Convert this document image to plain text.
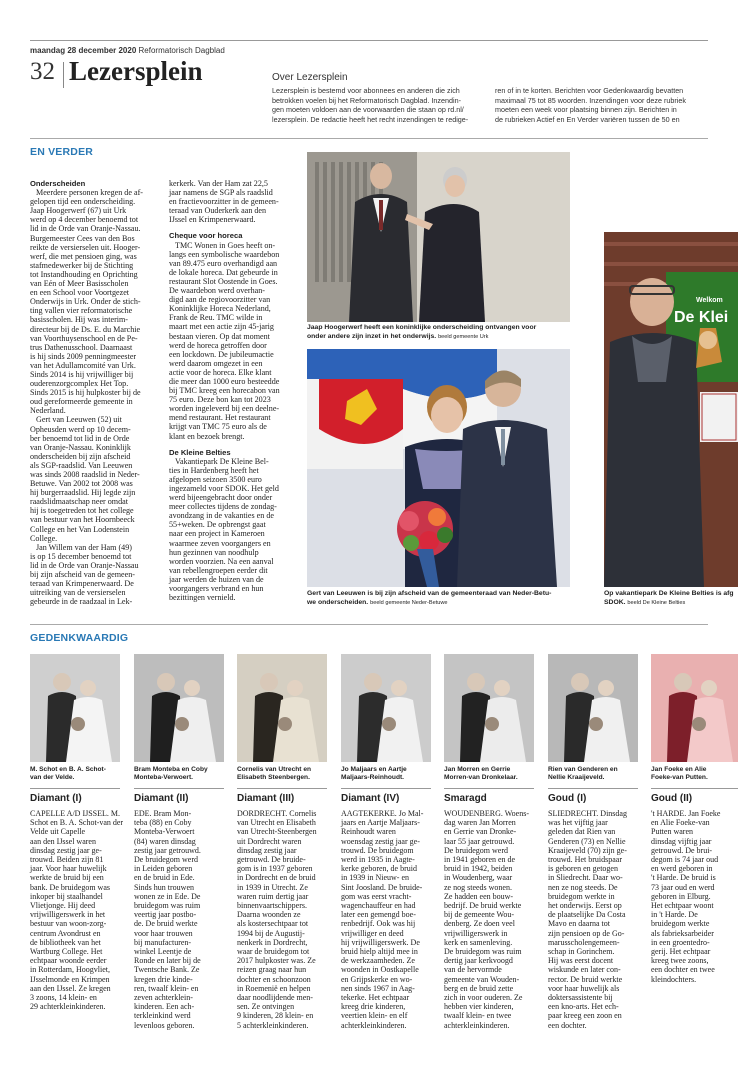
maandag 28 december 2020 Reformatorisch Dagblad
32 Lezersplein	Over Lezersplein
Lezersplein is bestemd voor abonnees en anderen die zich
betrokken voelen bij het Reformatorisch Dagblad. Inzendin-
gen moeten voldoen aan de voorwaarden die staan op rd.nl/
lezersplein. De redactie heeft het recht inzendingen te redige-
ren of in te korten. Berichten voor Gedenkwaardig bevatten
maximaal 75 tot 85 woorden. Inzendingen voor deze rubriek
moeten een week voor plaatsing binnen zijn. Berichten in
de rubrieken Actief en En Verder variëren tussen de 50 en
EN VERDER
Onderscheiden
Meerdere personen kregen de af-
gelopen tijd een onderscheiding.
Jaap Hoogerwerf (67) uit Urk
werd op 4 december benoemd tot
lid in de Orde van Oranje-Nassau.
Burgemeester Cees van den Bos
reikte de versierselen uit. Hooger-
werf, die met pensioen ging, was
stafmedewerker bij de Stichting
tot Instandhouding en Oprichting
van Eén of Meer Basisscholen
en een School voor Voortgezet
Onderwijs in Urk. Onder de stich-
ting vallen vier reformatorische
basisscholen. Hij was interim-
directeur bij de Ds. E. du Marchie
van Voorthuysenschool en de Pe-
trus Dathenusschool. Daarnaast
is hij sinds 2009 penningmeester
van het Adullamcomité van Urk.
Sinds 2014 is hij vrijwilliger bij
ouderenzorgcomplex Het Top.
Sinds 2015 is hij hulpkoster bij de
oud gereformeerde gemeente in
Nederland.
Gert van Leeuwen (52) uit
Opheusden werd op 10 decem-
ber benoemd tot lid in de Orde
van Oranje-Nassau. Koninklijk
onderscheiden bij zijn afscheid
als SGP-raadslid. Van Leeuwen
was sinds 2008 raadslid in Neder-
Betuwe. Van 2002 tot 2008 was
hij burgerraadslid. Hij legde zijn
raadslidmaatschap neer omdat
hij is toegetreden tot het college
van bestuur van het Hoornbeeck
College en het Van Lodenstein
College.
Jan Willem van der Ham (49)
is op 15 december benoemd tot
lid in de Orde van Oranje-Nassau
bij zijn afscheid van de gemeen-
teraad van Krimpenerwaard. De
uitreiking van de versierselen
gebeurde in de raadzaal in Lek-
kerkerk. Van der Ham zat 22,5
jaar namens de SGP als raadslid
en fractievoorzitter in de gemeen-
teraad van Ouderkerk aan den
IJssel en Krimpenerwaard.
Cheque voor horeca
TMC Wonen in Goes heeft on-
langs een symbolische waardebon
van 89.475 euro overhandigd aan
de lokale horeca. Dat gebeurde in
restaurant Slot Oostende in Goes.
De waardebon werd overhan-
digd aan de regiovoorzitter van
Koninklijke Horeca Nederland,
Frank de Reu. TMC wilde in
maart met een actie zijn 45-jarig
bestaan vieren. Op dat moment
werd de horeca getroffen door
een lockdown. De jubileumactie
werd daarom omgezet in een
actie voor de horeca. Elke klant
die meer dan 1000 euro besteedde
bij TMC kreeg een horecabon van
75 euro. Deze bon kan tot 2023
worden ingeleverd bij een deelne-
mend restaurant. Het restaurant
krijgt van TMC 75 euro als de
klant en bezoek brengt.
De Kleine Belties
Vakantiepark De Kleine Bel-
ties in Hardenberg heeft het
afgelopen seizoen 3500 euro
ingezameld voor SDOK. Het geld
werd bijeengebracht door onder
meer collectes tijdens de zondag-
avondzang in de vakanties en de
55+weken. De opbrengst gaat
naar een project in Kameroen
waarmee zeven voorgangers en
hun gezinnen van noodhulp
worden voorzien. Na een aanval
van rebellengroepen eerder dit
jaar werden de huizen van de
voorgangers verbrand en hun
bezittingen vernield.
Jaap Hoogerwerf heeft een koninklijke onderscheiding ontvangen voor
onder andere zijn inzet in het onderwijs. beeld gemeente Urk
Gert van Leeuwen is bij zijn afscheid van de gemeenteraad van Neder-Betu-
we onderscheiden. beeld gemeente Neder-Betuwe
Welkom
De Klei
Op vakantiepark De Kleine Belties is afg
SDOK. beeld De Kleine Belties
GEDENKWAARDIG
M. Schot en B. A. Schot-
van der Velde.
Diamant (I)
CAPELLE A/D IJSSEL. M.
Schot en B. A. Schot-van der
Velde uit Capelle
aan den IJssel waren
dinsdag zestig jaar ge-
trouwd. Beiden zijn 81
jaar. Voor haar huwelijk
werkte de bruid bij een
bank. De bruidegom was
inkoper bij staalhandel
Vlietjonge. Hij deed
vrijwilligerswerk in het
bestuur van woon-zorg-
centrum Avondrust en
de bibliotheek van het
Wartburg College. Het
echtpaar woonde eerder
in Rotterdam, Hoogvliet,
IJsselmonde en Krimpen
aan den IJssel. Ze kregen
3 zoons, 14 klein- en
29 achterkleinkinderen.
Bram Monteba en Coby
Monteba-Verwoert.
Diamant (II)
EDE. Bram Mon-
teba (88) en Coby
Monteba-Verwoert
(84) waren dinsdag
zestig jaar getrouwd.
De bruidegom werd
in Leiden geboren
en de bruid in Ede.
Sinds hun trouwen
wonen ze in Ede. De
bruidegom was ruim
veertig jaar postbo-
de. De bruid werkte
voor haar trouwen
bij manufacturen-
winkel Leentje de
Ronde en later bij de
Twentsche Bank. Ze
kregen drie kinde-
ren, twaalf klein- en
zeven achterklein-
kinderen. Een ach-
terkleinkind werd
levenloos geboren.
Cornelis van Utrecht en
Elisabeth Steenbergen.
Diamant (III)
DORDRECHT. Cornelis
van Utrecht en Elisabeth
van Utrecht-Steenbergen
uit Dordrecht waren
dinsdag zestig jaar
getrouwd. De bruide-
gom is in 1937 geboren
in Dordrecht en de bruid
in 1939 in Utrecht. Ze
waren ruim dertig jaar
binnenvaartschippers.
Daarna woonden ze
als kostersechtpaar tot
1994 bij de Augustij-
nenkerk in Dordrecht,
waar de bruidegom tot
2017 hulpkoster was. Ze
reizen graag naar hun
dochter en schoonzoon
in Roemenië en helpen
daar noodlijdende men-
sen. Ze ontvingen
9 kinderen, 28 klein- en
5 achterkleinkinderen.
Jo Maljaars en Aartje
Maljaars-Reinhoudt.
Diamant (IV)
AAGTEKERKE. Jo Mal-
jaars en Aartje Maljaars-
Reinhoudt waren
woensdag zestig jaar ge-
trouwd. De bruidegom
werd in 1935 in Aagte-
kerke geboren, de bruid
in 1939 in Nieuw- en
Sint Joosland. De bruide-
gom was eerst vracht-
wagenchauffeur en had
later een gemengd boe-
renbedrijf. Ook was hij
vrijwilliger en deed
hij vrijwilligerswerk. De
bruid hielp altijd mee in
de werkzaamheden. Ze
woonden in Oostkapelle
en Grijpskerke en wo-
nen sinds 1967 in Aag-
tekerke. Het echtpaar
kreeg drie kinderen,
veertien klein- en elf
achterkleinkinderen.
Jan Morren en Gerrie
Morren-van Dronkelaar.
Smaragd
WOUDENBERG. Woens-
dag waren Jan Morren
en Gerrie van Dronke-
laar 55 jaar getrouwd.
De bruidegom werd
in 1941 geboren en de
bruid in 1942, beiden
in Woudenberg, waar
ze nog steeds wonen.
Ze hadden een bouw-
bedrijf. De bruid werkte
bij de gemeente Wou-
denberg. Ze doen veel
vrijwilligerswerk in
kerk en samenleving.
De bruidegom was ruim
dertig jaar kerkvoogd
van de hervormde
gemeente van Wouden-
berg en de bruid zette
zich in voor ouderen. Ze
hebben vier kinderen,
twaalf klein- en twee
achterkleinkinderen.
Rien van Genderen en
Nellie Kraaijeveld.
Goud (I)
SLIEDRECHT. Dinsdag
was het vijftig jaar
geleden dat Rien van
Genderen (73) en Nellie
Kraaijeveld (70) zijn ge-
trouwd. Het bruidspaar
is geboren en getogen
in Sliedrecht. Daar wo-
nen ze nog steeds. De
bruidegom werkte in
het onderwijs. Eerst op
de plaatselijke Da Costa
Mavo en daarna tot
zijn pensioen op de Go-
marusscholengemeen-
schap in Gorinchem.
Hij was eerst docent
wiskunde en later con-
rector. De bruid werkte
voor haar huwelijk als
doktersassistente bij
een kno-arts. Het ech-
paar kreeg een zoon en
een dochter.
Jan Foeke en Alie
Foeke-van Putten.
Goud (II)
't HARDE. Jan Foeke
en Alie Foeke-van
Putten waren
dinsdag vijftig jaar
getrouwd. De brui-
degom is 74 jaar oud
en werd geboren in
't Harde. De bruid is
73 jaar oud en werd
geboren in Elburg.
Het echtpaar woont
in 't Harde. De
bruidegom werkte
als fabrieksarbeider
in een groentedro-
gerij. Het echtpaar
kreeg twee zoons,
een dochter en twee
kleindochters.
